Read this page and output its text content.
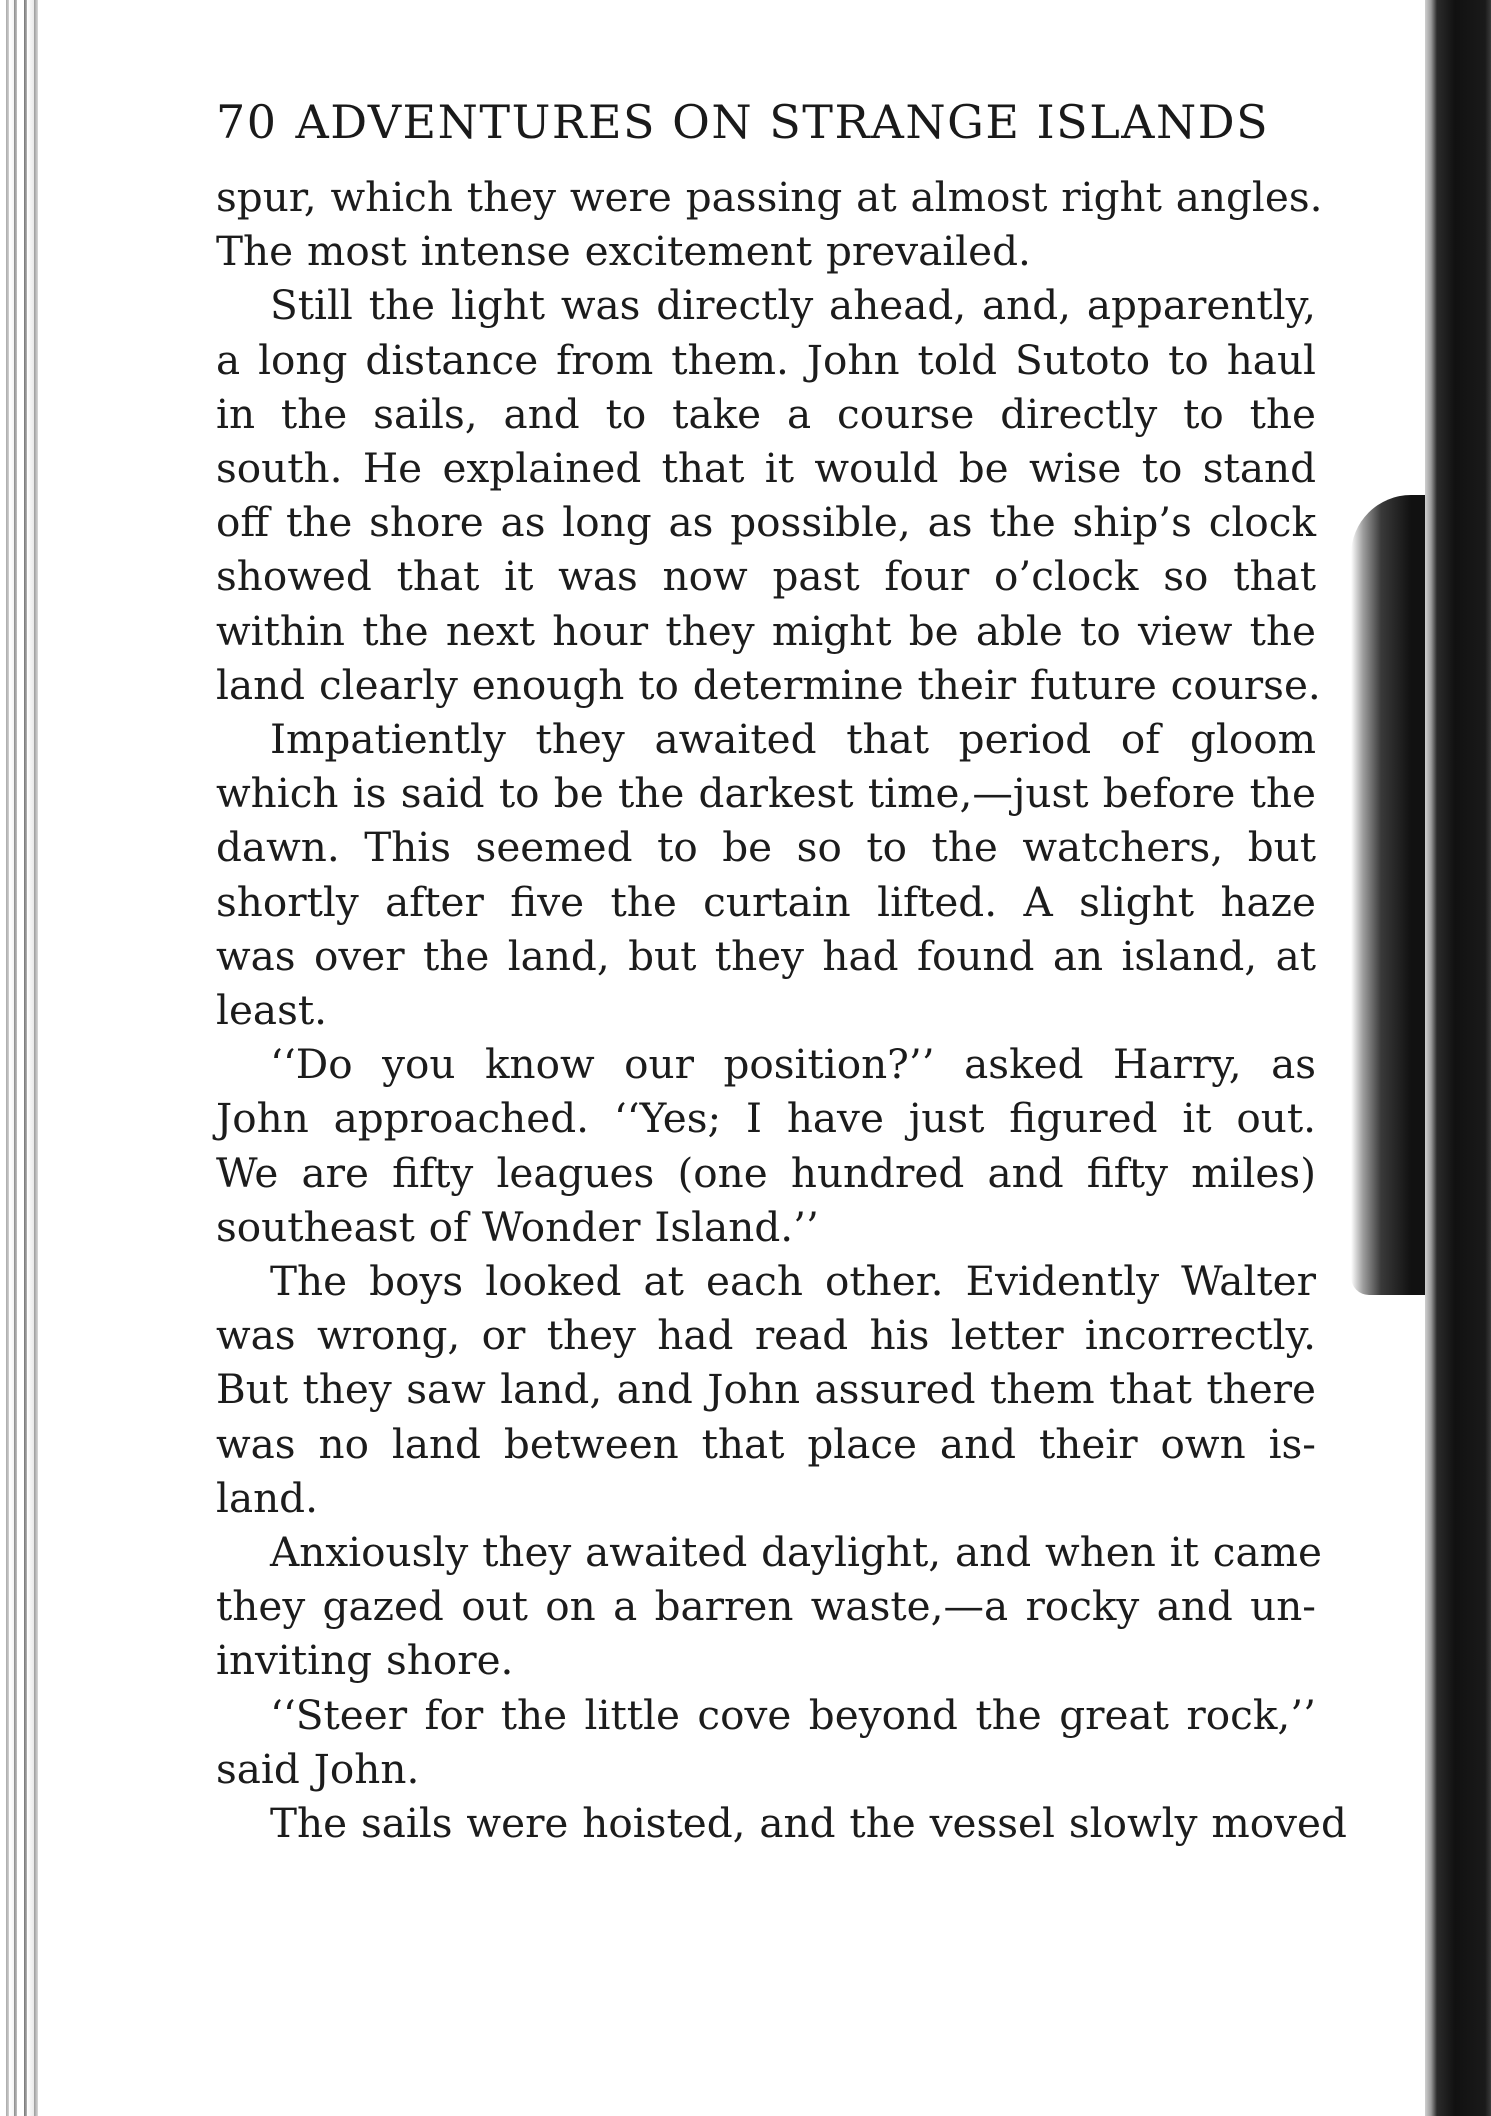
70 ADVENTURES ON STRANGE ISLANDS

spur, which they were passing at almost right angles.
The most intense excitement prevailed.

Still the light was directly ahead, and, apparently,
a long distance from them. John told Sutoto to haul
in the sails, and to take a course directly to the
south. He explained that it would be wise to stand
off the shore as long as possible, as the ship’s clock
showed that it was now past four o’clock so that
within the next hour they might be able to view the
land clearly enough to determine their future course.

Impatiently they awaited that period of gloom
which is said to be the darkest time,—just before the
dawn. This seemed to be so to the watchers, but
shortly after five the curtain lifted. A slight haze
was over the land, but they had found an island, at
least.

‘‘Do you know our position?’’ asked Harry, as
John approached. ‘‘Yes; I have just figured it out.
We are fifty leagues (one hundred and fifty miles)
southeast of Wonder Island.’’

The boys looked at each other. Evidently Walter
was wrong, or they had read his letter incorrectly.
But they saw land, and John assured them that there
was no land between that place and their own is-
land.

Anxiously they awaited daylight, and when it came
they gazed out on a barren waste,—a rocky and un-
inviting shore.

‘‘Steer for the little cove beyond the great rock,’’
said John.

The sails were hoisted, and the vessel slowly moved
